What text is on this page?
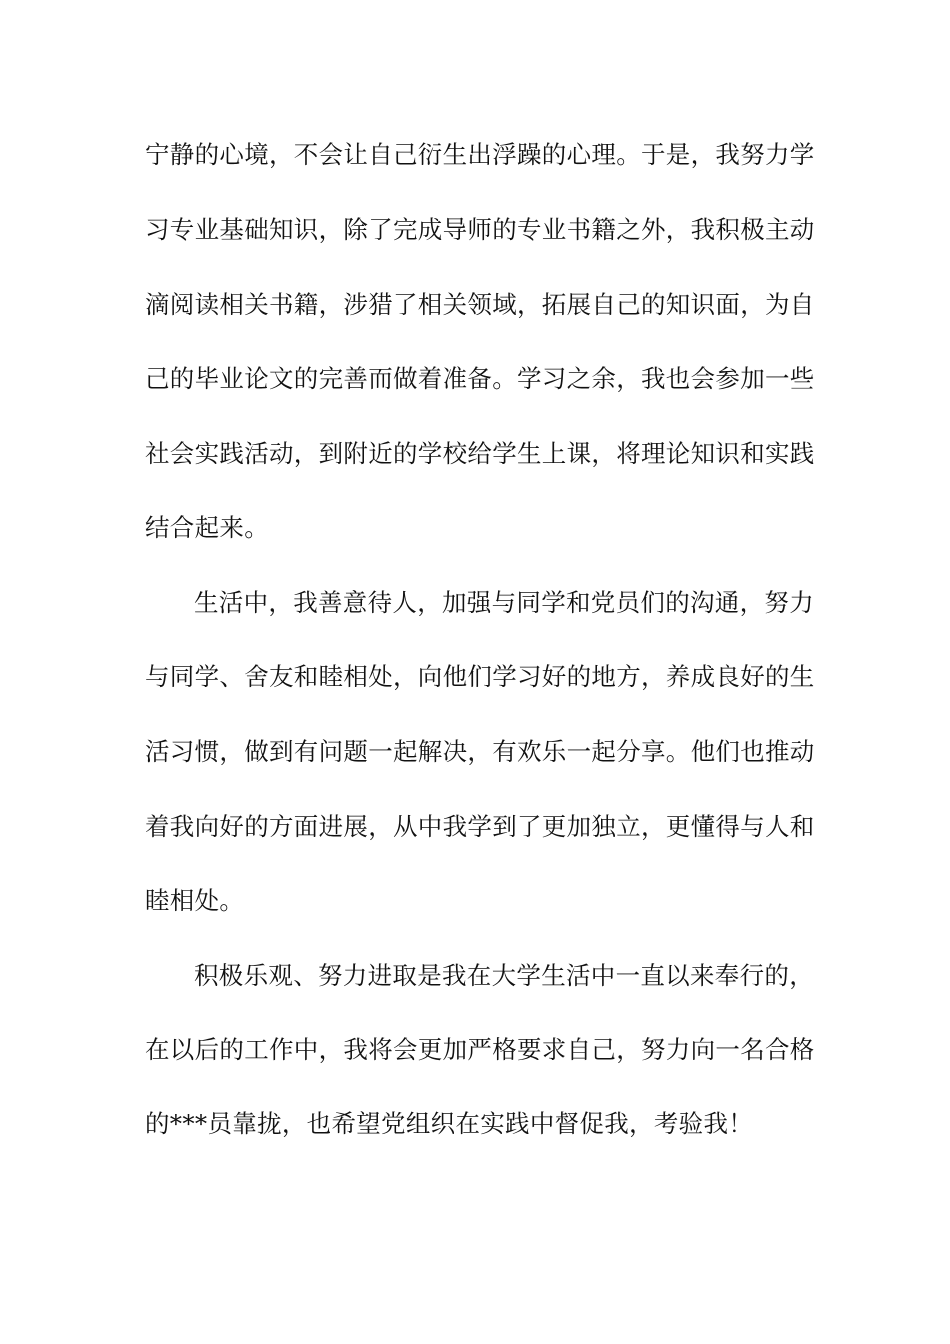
宁静的心境，不会让自己衍生出浮躁的心理。于是，我努力学
习专业基础知识，除了完成导师的专业书籍之外，我积极主动
滴阅读相关书籍，涉猎了相关领域，拓展自己的知识面，为自
己的毕业论文的完善而做着准备。学习之余，我也会参加一些
社会实践活动，到附近的学校给学生上课，将理论知识和实践
结合起来。
生活中，我善意待人，加强与同学和党员们的沟通，努力
与同学、舍友和睦相处，向他们学习好的地方，养成良好的生
活习惯，做到有问题一起解决，有欢乐一起分享。他们也推动
着我向好的方面进展，从中我学到了更加独立，更懂得与人和
睦相处。
积极乐观、努力进取是我在大学生活中一直以来奉行的，
在以后的工作中，我将会更加严格要求自己，努力向一名合格
的***员靠拢，也希望党组织在实践中督促我，考验我！
